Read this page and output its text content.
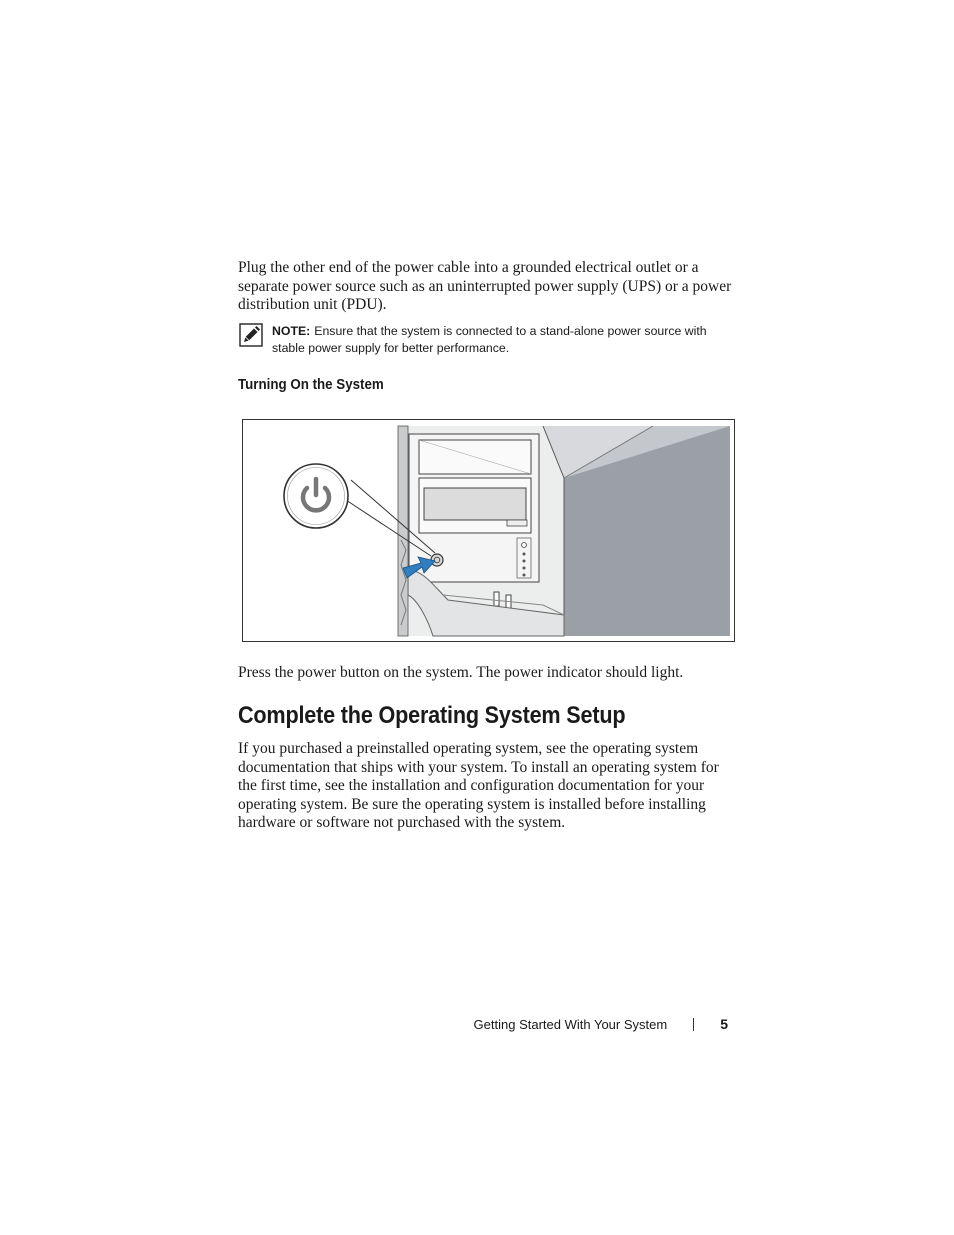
Plug the other end of the power cable into a grounded electrical outlet or a separate power source such as an uninterrupted power supply (UPS) or a power distribution unit (PDU).

NOTE: Ensure that the system is connected to a stand-alone power source with stable power supply for better performance.
Turning On the System

Press the power button on the system. The power indicator should light.

Complete the Operating System Setup

If you purchased a preinstalled operating system, see the operating system documentation that ships with your system. To install an operating system for the first time, see the installation and configuration documentation for your operating system. Be sure the operating system is installed before installing hardware or software not purchased with the system.

Getting Started With Your System	5
